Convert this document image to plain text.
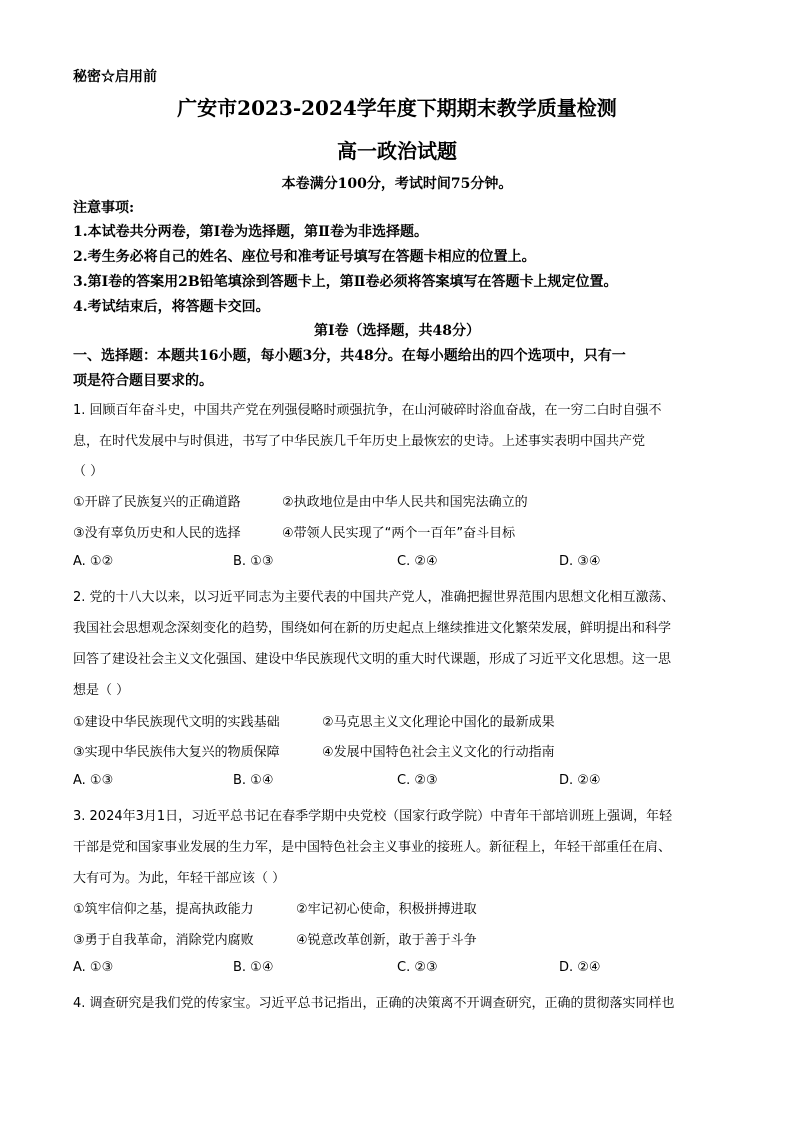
秘密☆启用前
广安市2023-2024学年度下期期末教学质量检测
高一政治试题
本卷满分100分，考试时间75分钟。
注意事项:
1.本试卷共分两卷，第Ⅰ卷为选择题，第Ⅱ卷为非选择题。
2.考生务必将自己的姓名、座位号和准考证号填写在答题卡相应的位置上。
3.第Ⅰ卷的答案用2B铅笔填涂到答题卡上，第Ⅱ卷必须将答案填写在答题卡上规定位置。
4.考试结束后，将答题卡交回。
第Ⅰ卷（选择题，共48分）
一、选择题：本题共16小题，每小题3分，共48分。在每小题给出的四个选项中，只有一
项是符合题目要求的。
1. 回顾百年奋斗史，中国共产党在列强侵略时顽强抗争，在山河破碎时浴血奋战，在一穷二白时自强不
息，在时代发展中与时俱进，书写了中华民族几千年历史上最恢宏的史诗。上述事实表明中国共产党
（ ）
①开辟了民族复兴的正确道路	②执政地位是由中华人民共和国宪法确立的
③没有辜负历史和人民的选择	④带领人民实现了“两个一百年”奋斗目标
A. ①②	B. ①③	C. ②④	D. ③④
2. 党的十八大以来，以习近平同志为主要代表的中国共产党人，准确把握世界范围内思想文化相互激荡、
我国社会思想观念深刻变化的趋势，围绕如何在新的历史起点上继续推进文化繁荣发展，鲜明提出和科学
回答了建设社会主义文化强国、建设中华民族现代文明的重大时代课题，形成了习近平文化思想。这一思
想是（ ）
①建设中华民族现代文明的实践基础	②马克思主义文化理论中国化的最新成果
③实现中华民族伟大复兴的物质保障	④发展中国特色社会主义文化的行动指南
A. ①③	B. ①④	C. ②③	D. ②④
3. 2024年3月1日，习近平总书记在春季学期中央党校（国家行政学院）中青年干部培训班上强调，年轻
干部是党和国家事业发展的生力军，是中国特色社会主义事业的接班人。新征程上，年轻干部重任在肩、
大有可为。为此，年轻干部应该（ ）
①筑牢信仰之基，提高执政能力	②牢记初心使命，积极拼搏进取
③勇于自我革命，消除党内腐败	④锐意改革创新，敢于善于斗争
A. ①③	B. ①④	C. ②③	D. ②④
4. 调查研究是我们党的传家宝。习近平总书记指出，正确的决策离不开调查研究，正确的贯彻落实同样也
